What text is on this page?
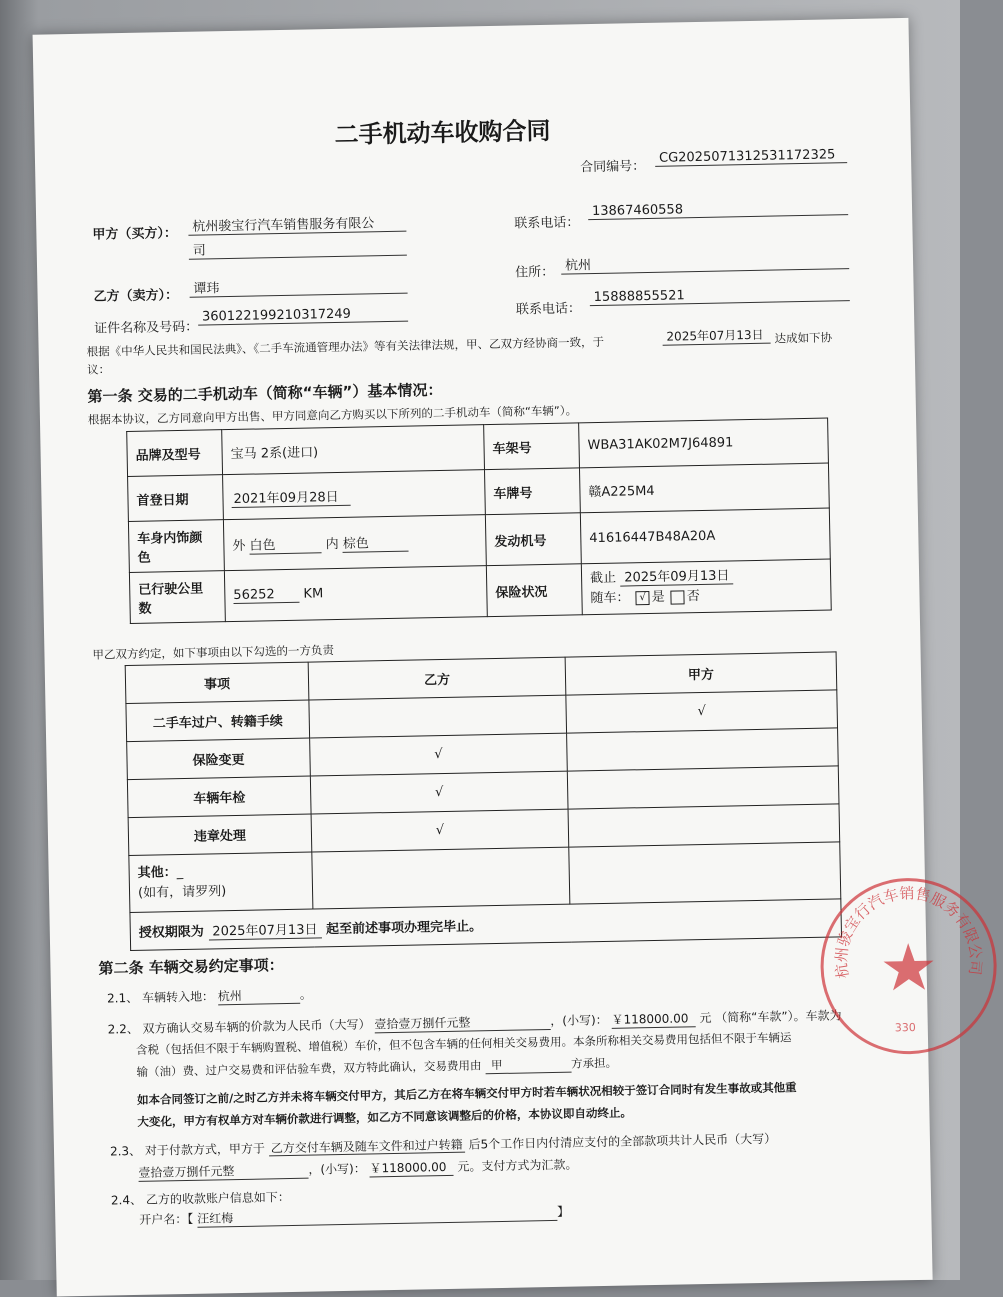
二手机动车收购合同
合同编号：
CG2025071312531172325
甲方（买方）：	杭州骏宝行汽车销售服务有限公
司
联系电话：
13867460558
乙方（卖方）：	谭玮
住所： 杭州
证件名称及号码：
360122199210317249	联系电话：
15888855521
根据《中华人民共和国民法典》、《二手车流通管理办法》等有关法律法规，甲、乙双方经协商一致，于	2025年07月13日 达成如下协
议：
第一条 交易的二手机动车（简称“车辆”）基本情况：
根据本协议，乙方同意向甲方出售、甲方同意向乙方购买以下所列的二手机动车（简称“车辆”）。
品牌及型号	宝马 2系(进口)	车架号	WBA31AK02M7J64891
首登日期	2021年09月28日	车牌号	赣A225M4
车身内饰颜
色	外 白色 内 棕色	发动机号	41616447B48A20A
已行驶公里
数	56252 KM	保险状况	截止 2025年09月13日
随车： √ 是 否
甲乙双方约定，如下事项由以下勾选的一方负责
事项	乙方	甲方
二手车过户、转籍手续		√
保险变更	√	
车辆年检	√	
违章处理	√	
其他：_
(如有，请罗列)		
授权期限为 2025年07月13日 起至前述事项办理完毕止。		
第二条 车辆交易约定事项：
2.1、 车辆转入地： 杭州	。
2.2、 双方确认交易车辆的价款为人民币（大写） 壹拾壹万捌仟元整	，(小写)： ￥118000.00 元 （简称“车款”）。车款为
含税（包括但不限于车辆购置税、增值税）车价，但不包含车辆的任何相关交易费用。本条所称相关交易费用包括但不限于车辆运
输（油）费、过户交易费和评估验车费，双方特此确认，交易费用由 甲	方承担。
如本合同签订之前/之时乙方并未将车辆交付甲方，其后乙方在将车辆交付甲方时若车辆状况相较于签订合同时有发生事故或其他重
大变化，甲方有权单方对车辆价款进行调整，如乙方不同意该调整后的价格，本协议即自动终止。
2.3、 对于付款方式，甲方于 乙方交付车辆及随车文件和过户转籍 后5个工作日内付清应支付的全部款项共计人民币（大写）
壹拾壹万捌仟元整	，(小写)： ￥118000.00 元。支付方式为汇款。
2.4、 乙方的收款账户信息如下：
开户名：【 汪红梅	】
杭州骏宝行汽车销售服务有限公司
330
